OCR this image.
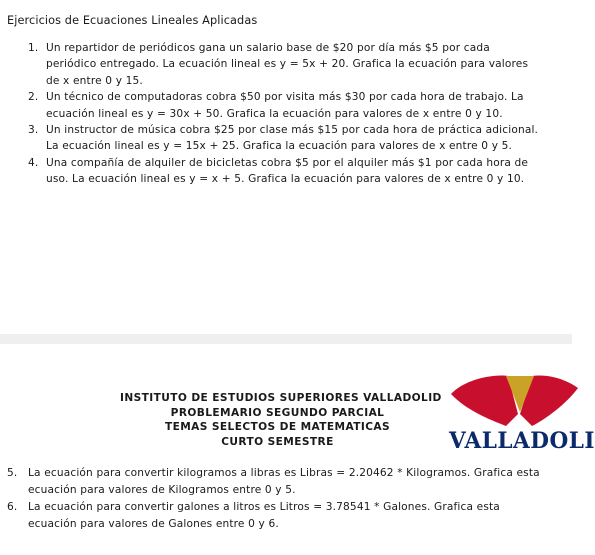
Ejercicios de Ecuaciones Lineales Aplicadas
1. Un repartidor de periódicos gana un salario base de $20 por día más $5 por cada periódico entregado. La ecuación lineal es y = 5x + 20. Grafica la ecuación para valores de x entre 0 y 15.
2. Un técnico de computadoras cobra $50 por visita más $30 por cada hora de trabajo. La ecuación lineal es y = 30x + 50. Grafica la ecuación para valores de x entre 0 y 10.
3. Un instructor de música cobra $25 por clase más $15 por cada hora de práctica adicional. La ecuación lineal es y = 15x + 25. Grafica la ecuación para valores de x entre 0 y 5.
4. Una compañía de alquiler de bicicletas cobra $5 por el alquiler más $1 por cada hora de uso. La ecuación lineal es y = x + 5. Grafica la ecuación para valores de x entre 0 y 10.
INSTITUTO DE ESTUDIOS SUPERIORES VALLADOLID
PROBLEMARIO SEGUNDO PARCIAL
TEMAS SELECTOS DE MATEMATICAS
CURTO SEMESTRE	VALLADOLI
5. La ecuación para convertir kilogramos a libras es Libras = 2.20462 * Kilogramos. Grafica esta ecuación para valores de Kilogramos entre 0 y 5.
6. La ecuación para convertir galones a litros es Litros = 3.78541 * Galones. Grafica esta ecuación para valores de Galones entre 0 y 6.
